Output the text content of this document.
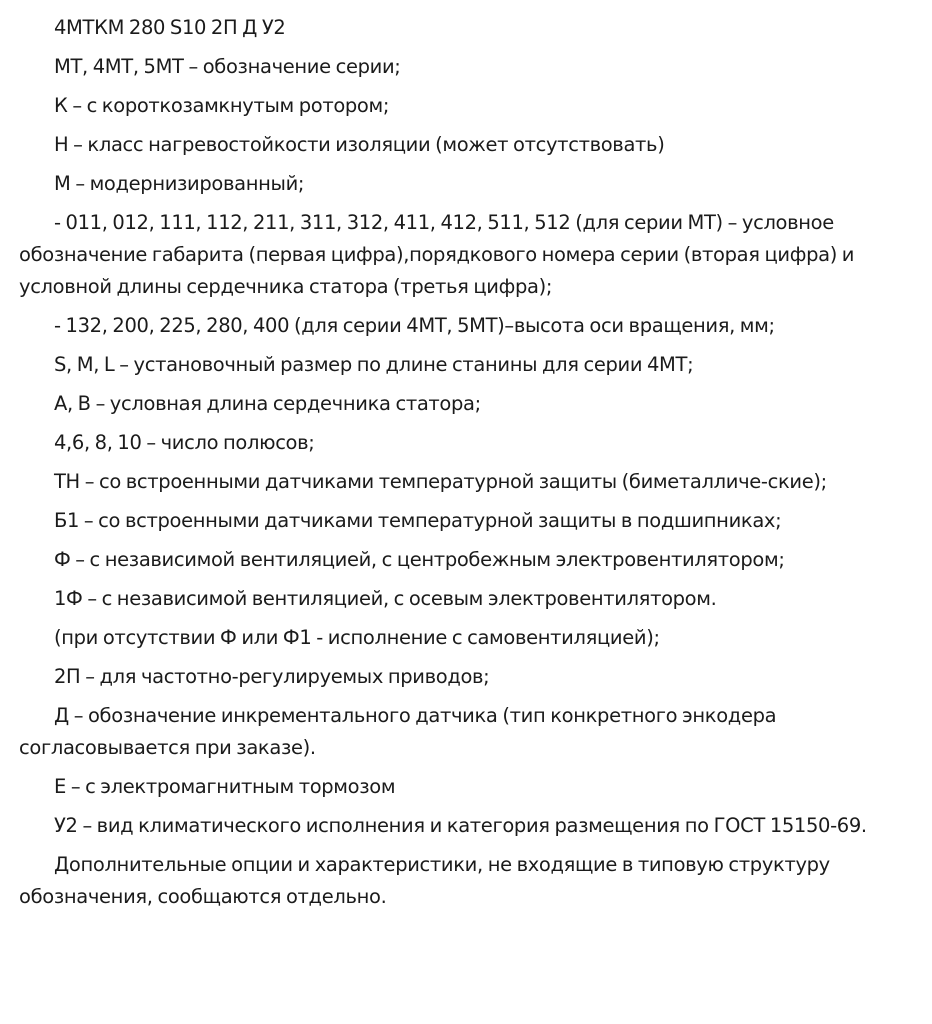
4МТКМ 280 S10 2П Д У2

МТ, 4МТ, 5МТ – обозначение серии;

К – с короткозамкнутым ротором;

Н – класс нагревостойкости изоляции (может отсутствовать)

М – модернизированный;

- 011, 012, 111, 112, 211, 311, 312, 411, 412, 511, 512 (для серии МТ) – условное обозначение габарита (первая цифра),порядкового номера серии (вторая цифра) и условной длины сердечника статора (третья цифра);

- 132, 200, 225, 280, 400 (для серии 4МТ, 5МТ)–высота оси вращения, мм;

S, M, L – установочный размер по длине станины для серии 4МТ;

А, В – условная длина сердечника статора;

4,6, 8, 10 – число полюсов;

ТН – со встроенными датчиками температурной защиты (биметалличе-ские);

Б1 – со встроенными датчиками температурной защиты в подшипниках;

Ф – с независимой вентиляцией, с центробежным электровентилятором;

1Ф – с независимой вентиляцией, с осевым электровентилятором.

(при отсутствии Ф или Ф1 - исполнение с самовентиляцией);

2П – для частотно-регулируемых приводов;

Д – обозначение инкрементального датчика (тип конкретного энкодера согласовывается при заказе).

Е – с электромагнитным тормозом

У2 – вид климатического исполнения и категория размещения по ГОСТ 15150-69.

Дополнительные опции и характеристики, не входящие в типовую структуру обозначения, сообщаются отдельно.
